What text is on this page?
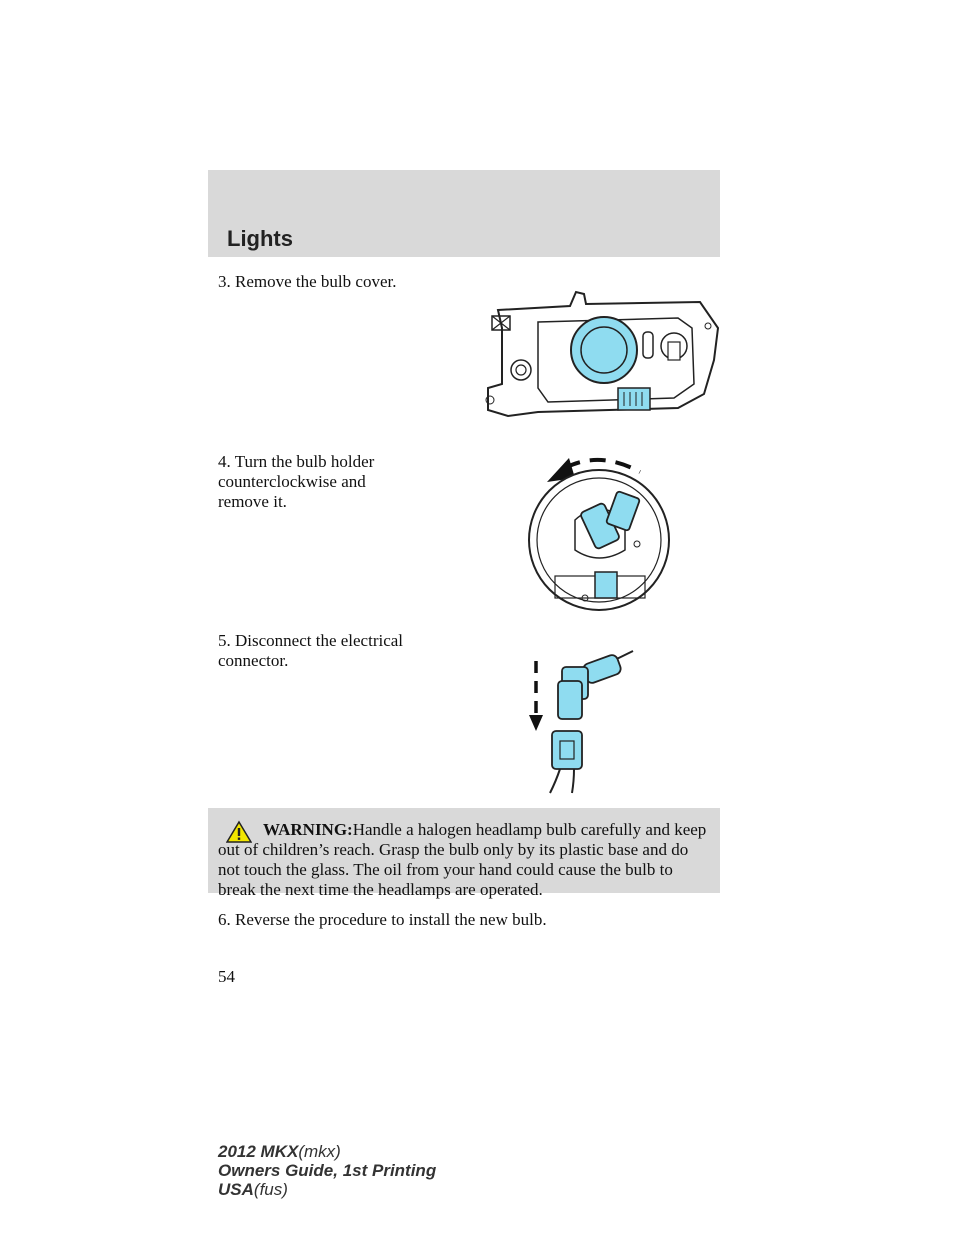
Lights
3. Remove the bulb cover.
4. Turn the bulb holder counterclockwise and remove it.
5. Disconnect the electrical connector.
WARNING:Handle a halogen headlamp bulb carefully and keep out of children’s reach. Grasp the bulb only by its plastic base and do not touch the glass. The oil from your hand could cause the bulb to break the next time the headlamps are operated.
6. Reverse the procedure to install the new bulb.
54
2012 MKX(mkx)
Owners Guide, 1st Printing
USA(fus)
